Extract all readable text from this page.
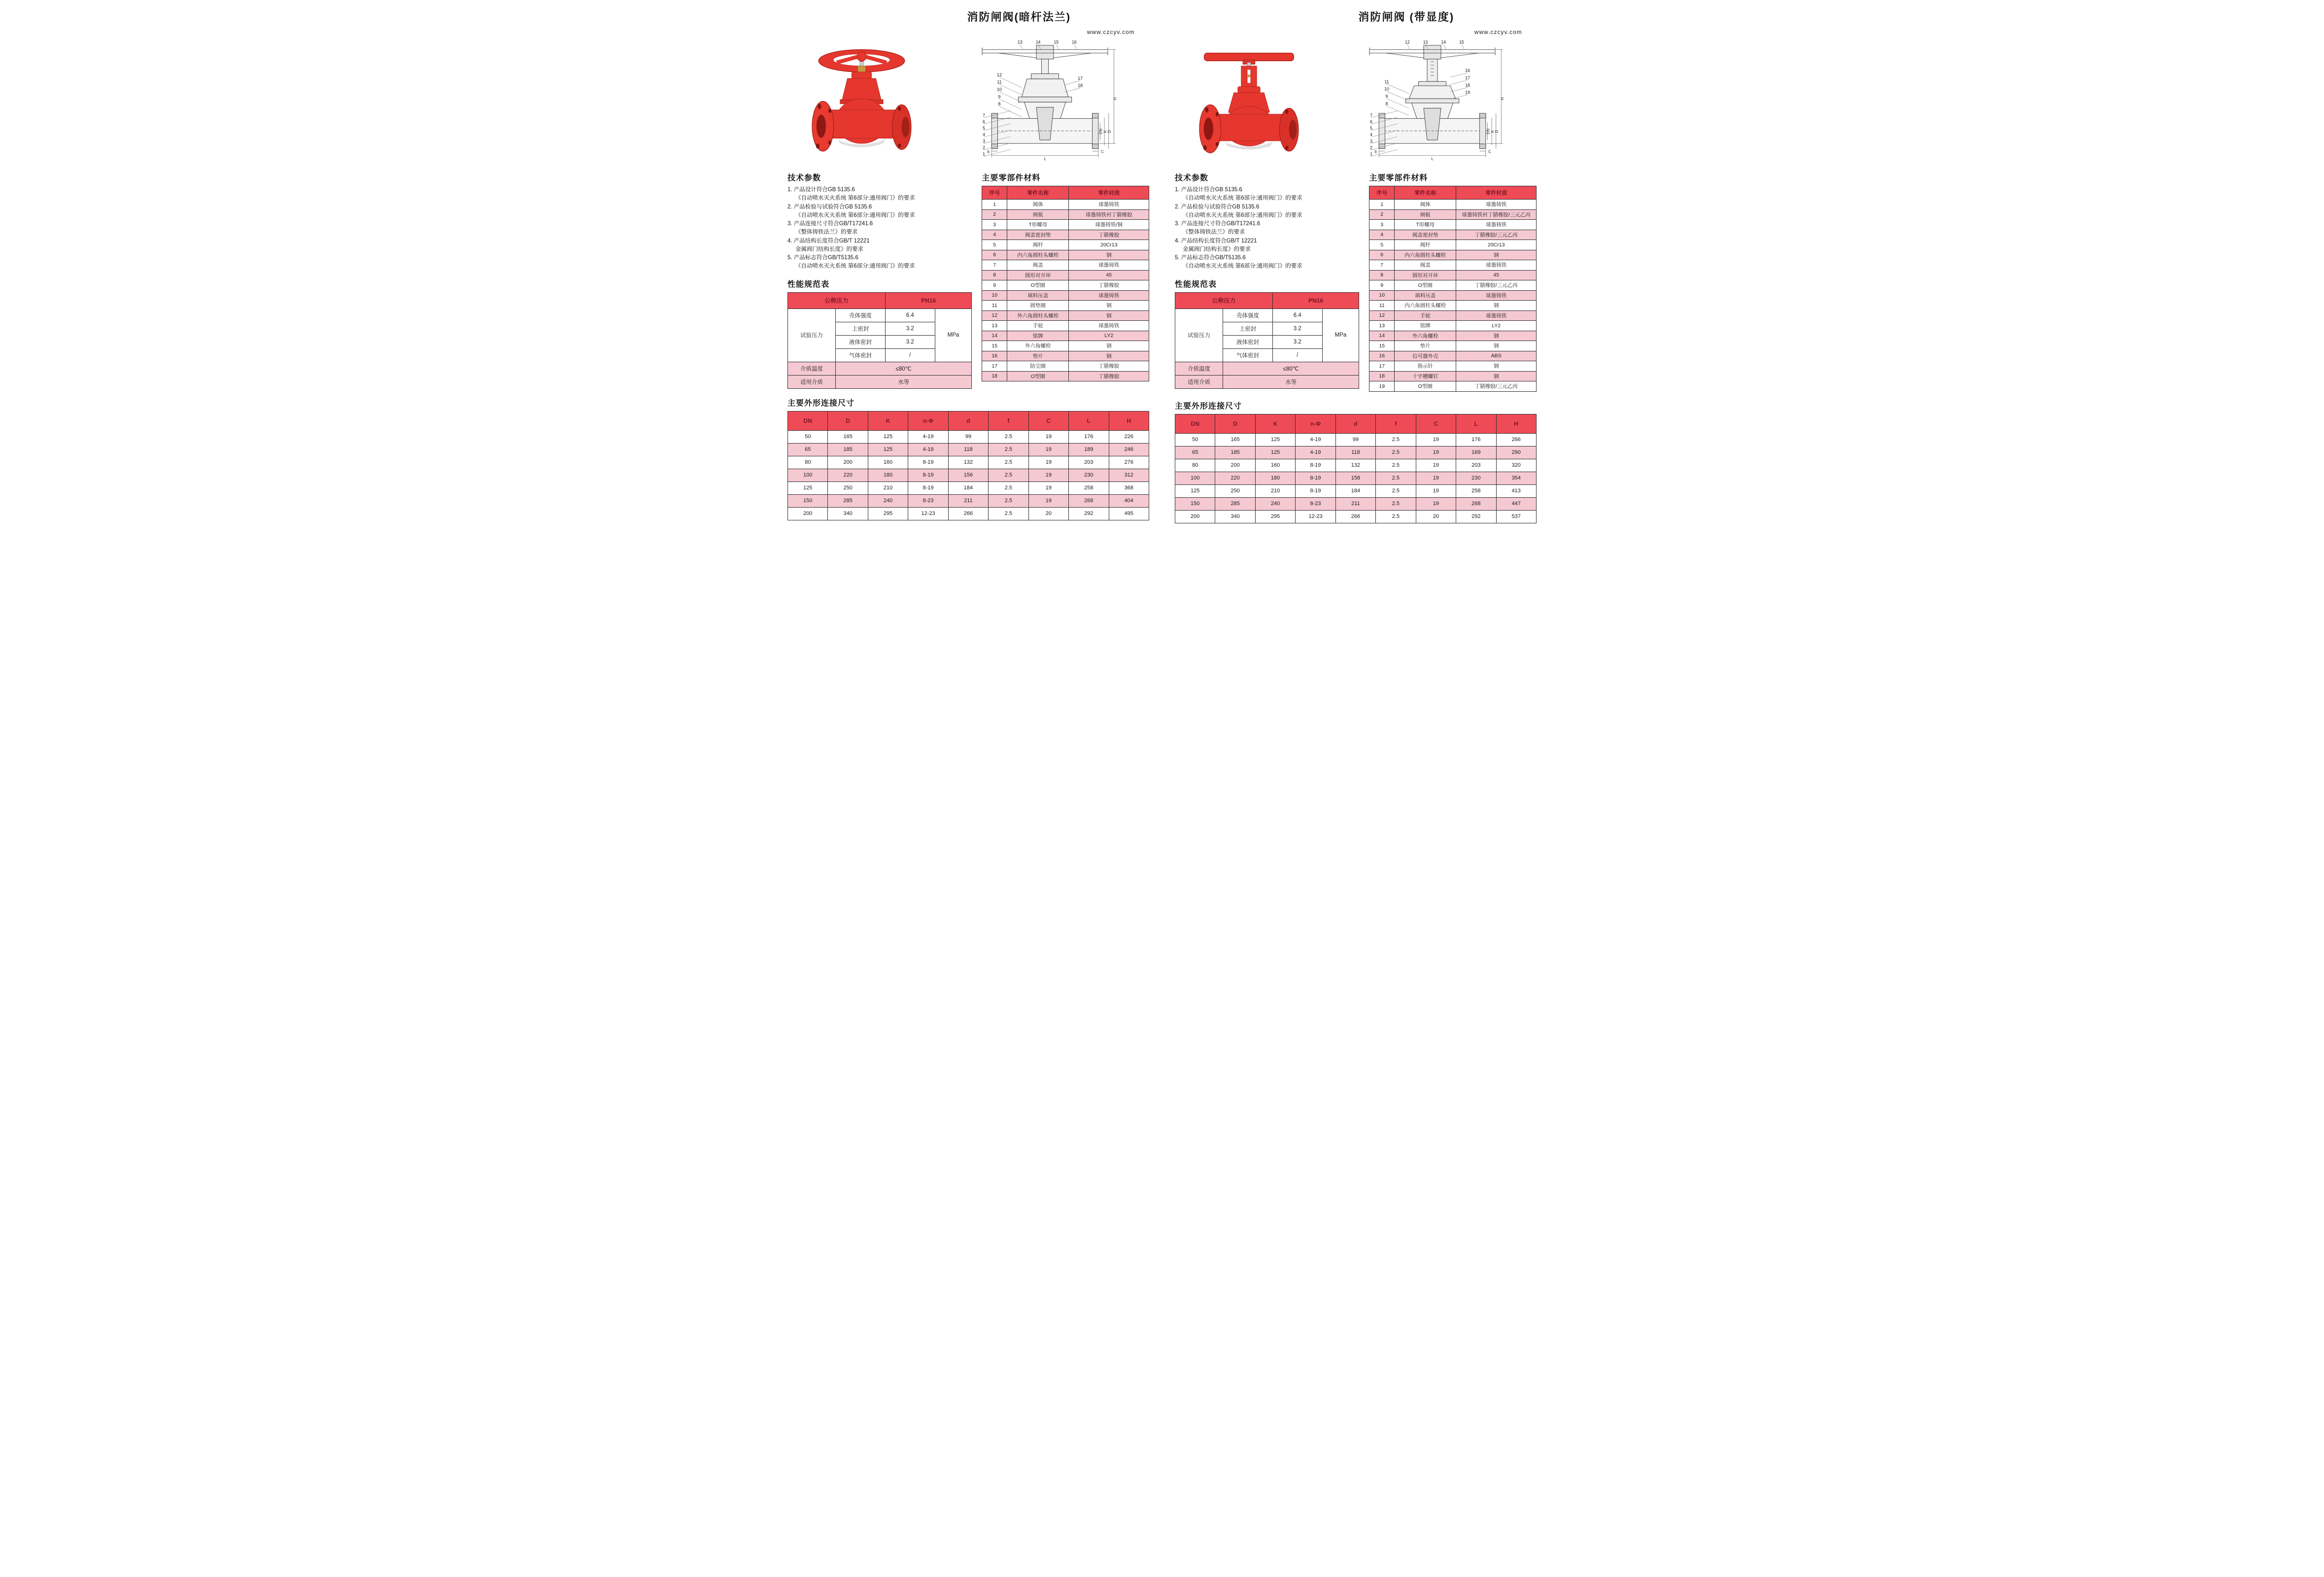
消防闸阀(暗杆法兰)
www.czcyv.com
H
DN K D
L
C
b
13	14	15	16
17
18
12
11
10
9
8
7
6
5
4
3
2
1
技术参数
1. 产品设计符合GB 5135.6
《自动喷水灭火系统 第6部分:通用阀门》的要求
2. 产品检验与试验符合GB 5135.6
《自动喷水灭火系统 第6部分:通用阀门》的要求
3. 产品连接尺寸符合GB/T17241.6
《整体铸铁法兰》的要求
4. 产品结构长度符合GB/T 12221
金属阀门结构长度》的要求
5. 产品标志符合GB/T5135.6
《自动喷水灭火系统 第6部分:通用阀门》的要求
性能规范表
公称压力		PN16	
试验压力	壳体强度	6.4	MPa
	上密封	3.2	
	液体密封	3.2	
	气体密封	/	
介质温度	≤80℃		
适用介质	水等		
主要零部件材料
序号	零件名称	零件材质
1	阀体	球墨铸铁
2	闸板	球墨铸铁衬丁腈橡胶
3	T形螺母	球墨铸铁/铜
4	阀盖密封垫	丁腈橡胶
5	阀杆	20Cr13
6	内六角圆柱头螺栓	钢
7	阀盖	球墨铸铁
8	圆形对开环	45
9	O型圈	丁腈橡胶
10	填料压盖	球墨铸铁
11	圆垫圈	钢
12	外六角圆柱头螺栓	钢
13	手轮	球墨铸铁
14	铭牌	LY2
15	外六角螺栓	钢
16	垫片	钢
17	防尘圈	丁腈橡胶
18	O型圈	丁腈橡胶
主要外形连接尺寸
DN	D	K	n-Φ	d	f	C	L	H
50	165	125	4-19	99	2.5	19	176	226
65	185	125	4-19	118	2.5	19	189	246
80	200	160	8-19	132	2.5	19	203	276
100	220	180	8-19	156	2.5	19	230	312
125	250	210	8-19	184	2.5	19	258	368
150	285	240	8-23	211	2.5	19	268	404
200	340	295	12-23	266	2.5	20	292	495
消防闸阀 (带显度)
www.czcyv.com
H
DN K D
L
C
b
12	13	14	15
16
17
18
19
11
10
9
8
7
6
5
4
3
2
1
技术参数
1. 产品设计符合GB 5135.6
《自动喷水灭火系统 第6部分:通用阀门》的要求
2. 产品检验与试验符合GB 5135.6
《自动喷水灭火系统 第6部分:通用阀门》的要求
3. 产品连接尺寸符合GB/T17241.6
《整体铸铁法兰》的要求
4. 产品结构长度符合GB/T 12221
金属阀门结构长度》的要求
5. 产品标志符合GB/T5135.6
《自动喷水灭火系统 第6部分:通用阀门》的要求
性能规范表
公称压力		PN16	
试验压力	壳体强度	6.4	MPa
	上密封	3.2	
	液体密封	3.2	
	气体密封	/	
介质温度	≤80℃		
适用介质	水等		
主要零部件材料
序号	零件名称	零件材质
1	阀体	球墨铸铁
2	闸板	球墨铸铁衬丁腈橡胶/三元乙丙
3	T形螺母	球墨铸铁
4	阀盖密封垫	丁腈橡胶/三元乙丙
5	阀杆	20Cr13
6	内六角圆柱头螺栓	钢
7	阀盖	球墨铸铁
8	圆形对开环	45
9	O型圈	丁腈橡胶/三元乙丙
10	填料压盖	球墨铸铁
11	内六角圆柱头螺栓	钢
12	手轮	球墨铸铁
13	铭牌	LY2
14	外六角螺栓	钢
15	垫片	钢
16	信号器外壳	ABS
17	指示针	钢
18	十字槽螺钉	钢
19	O型圈	丁腈橡胶/三元乙丙
主要外形连接尺寸
DN	D	K	n-Φ	d	f	C	L	H
50	165	125	4-19	99	2.5	19	176	266
65	185	125	4-19	118	2.5	19	169	290
80	200	160	8-19	132	2.5	19	203	320
100	220	180	8-19	158	2.5	19	230	354
125	250	210	8-19	184	2.5	19	258	413
150	285	240	8-23	211	2.5	19	268	447
200	340	295	12-23	266	2.5	20	292	537
